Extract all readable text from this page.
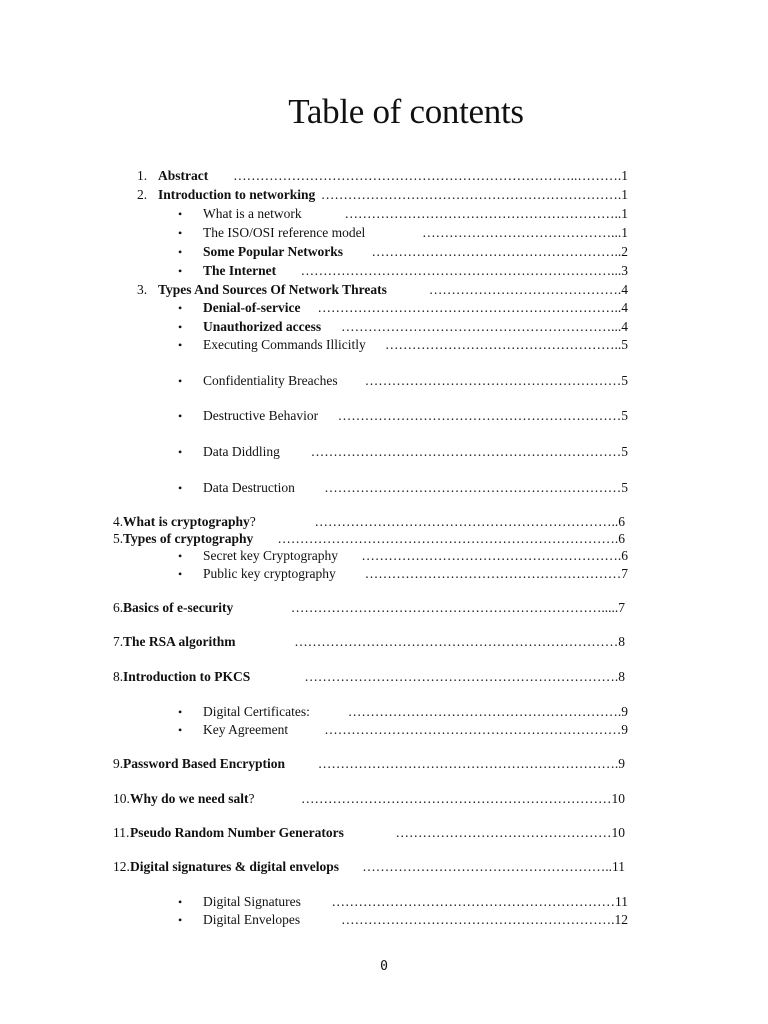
Table of contents
1. Abstract …………………………………………………………………..……….1
2. Introduction to networking ………………………………………………………….1
• What is a network	……………………………………………………..1
• The ISO/OSI reference model	……………………………………...1
• Some Popular Networks ………………………………………………..2
• The Internet ……………………………………………………………...3
3. Types And Sources Of Network Threats	…………………………………….4
• Denial-of-service …………………………………………………………..4
• Unauthorized access ……………………………………………………...4
• Executing Commands Illicitly ……………………………………………..5
• Confidentiality Breaches …………………………………………………5
• Destructive Behavior ………………………………………………………5
• Data Diddling ……………………………………………………………5
• Data Destruction …………………………………………………………5
4. What is cryptography?	…………………………………………………………..6
5. Types of cryptography ………………………………………………………………….6
• Secret key Cryptography ………………………………………………….6
• Public key cryptography …………………………………………………7
6. Basics of e-security	…………………………………………………………….....7
7. The RSA algorithm	………………………………………………………………8
8. Introduction to PKCS	…………………………………………………………….8
• Digital Certificates:	…………………………………………………….9
• Key Agreement	…………………………………………………………9
9. Password Based Encryption ………………………………………………………….9
10. Why do we need salt?	……………………………………………………………10
11. Pseudo Random Number Generators	…………………………………………10
12. Digital signatures & digital envelops ………………………………………………..11
• Digital Signatures ………………………………………………………11
• Digital Envelopes	…………………………………………………….12
0
